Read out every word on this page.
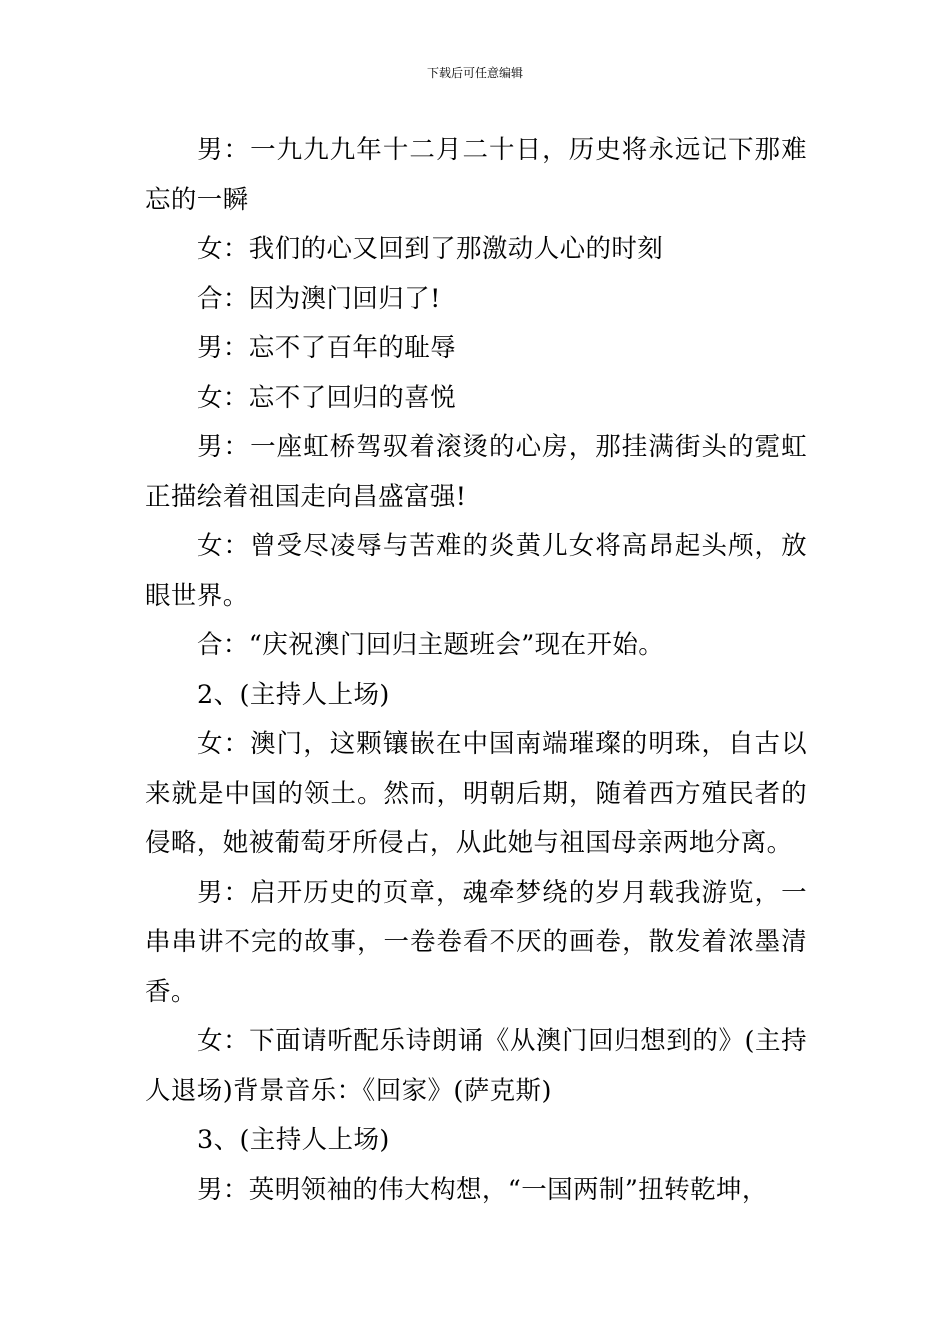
下载后可任意编辑

男：一九九九年十二月二十日，历史将永远记下那难忘的一瞬

女：我们的心又回到了那激动人心的时刻

合：因为澳门回归了!

男：忘不了百年的耻辱

女：忘不了回归的喜悦

男：一座虹桥驾驭着滚烫的心房，那挂满街头的霓虹正描绘着祖国走向昌盛富强!

女：曾受尽凌辱与苦难的炎黄儿女将高昂起头颅，放眼世界。

合：“庆祝澳门回归主题班会”现在开始。

2、(主持人上场)

女：澳门，这颗镶嵌在中国南端璀璨的明珠，自古以来就是中国的领土。然而，明朝后期，随着西方殖民者的侵略，她被葡萄牙所侵占，从此她与祖国母亲两地分离。

男：启开历史的页章，魂牵梦绕的岁月载我游览，一串串讲不完的故事，一卷卷看不厌的画卷，散发着浓墨清香。

女：下面请听配乐诗朗诵《从澳门回归想到的》(主持人退场)背景音乐：《回家》(萨克斯)

3、(主持人上场)

男：英明领袖的伟大构想，“一国两制”扭转乾坤，
